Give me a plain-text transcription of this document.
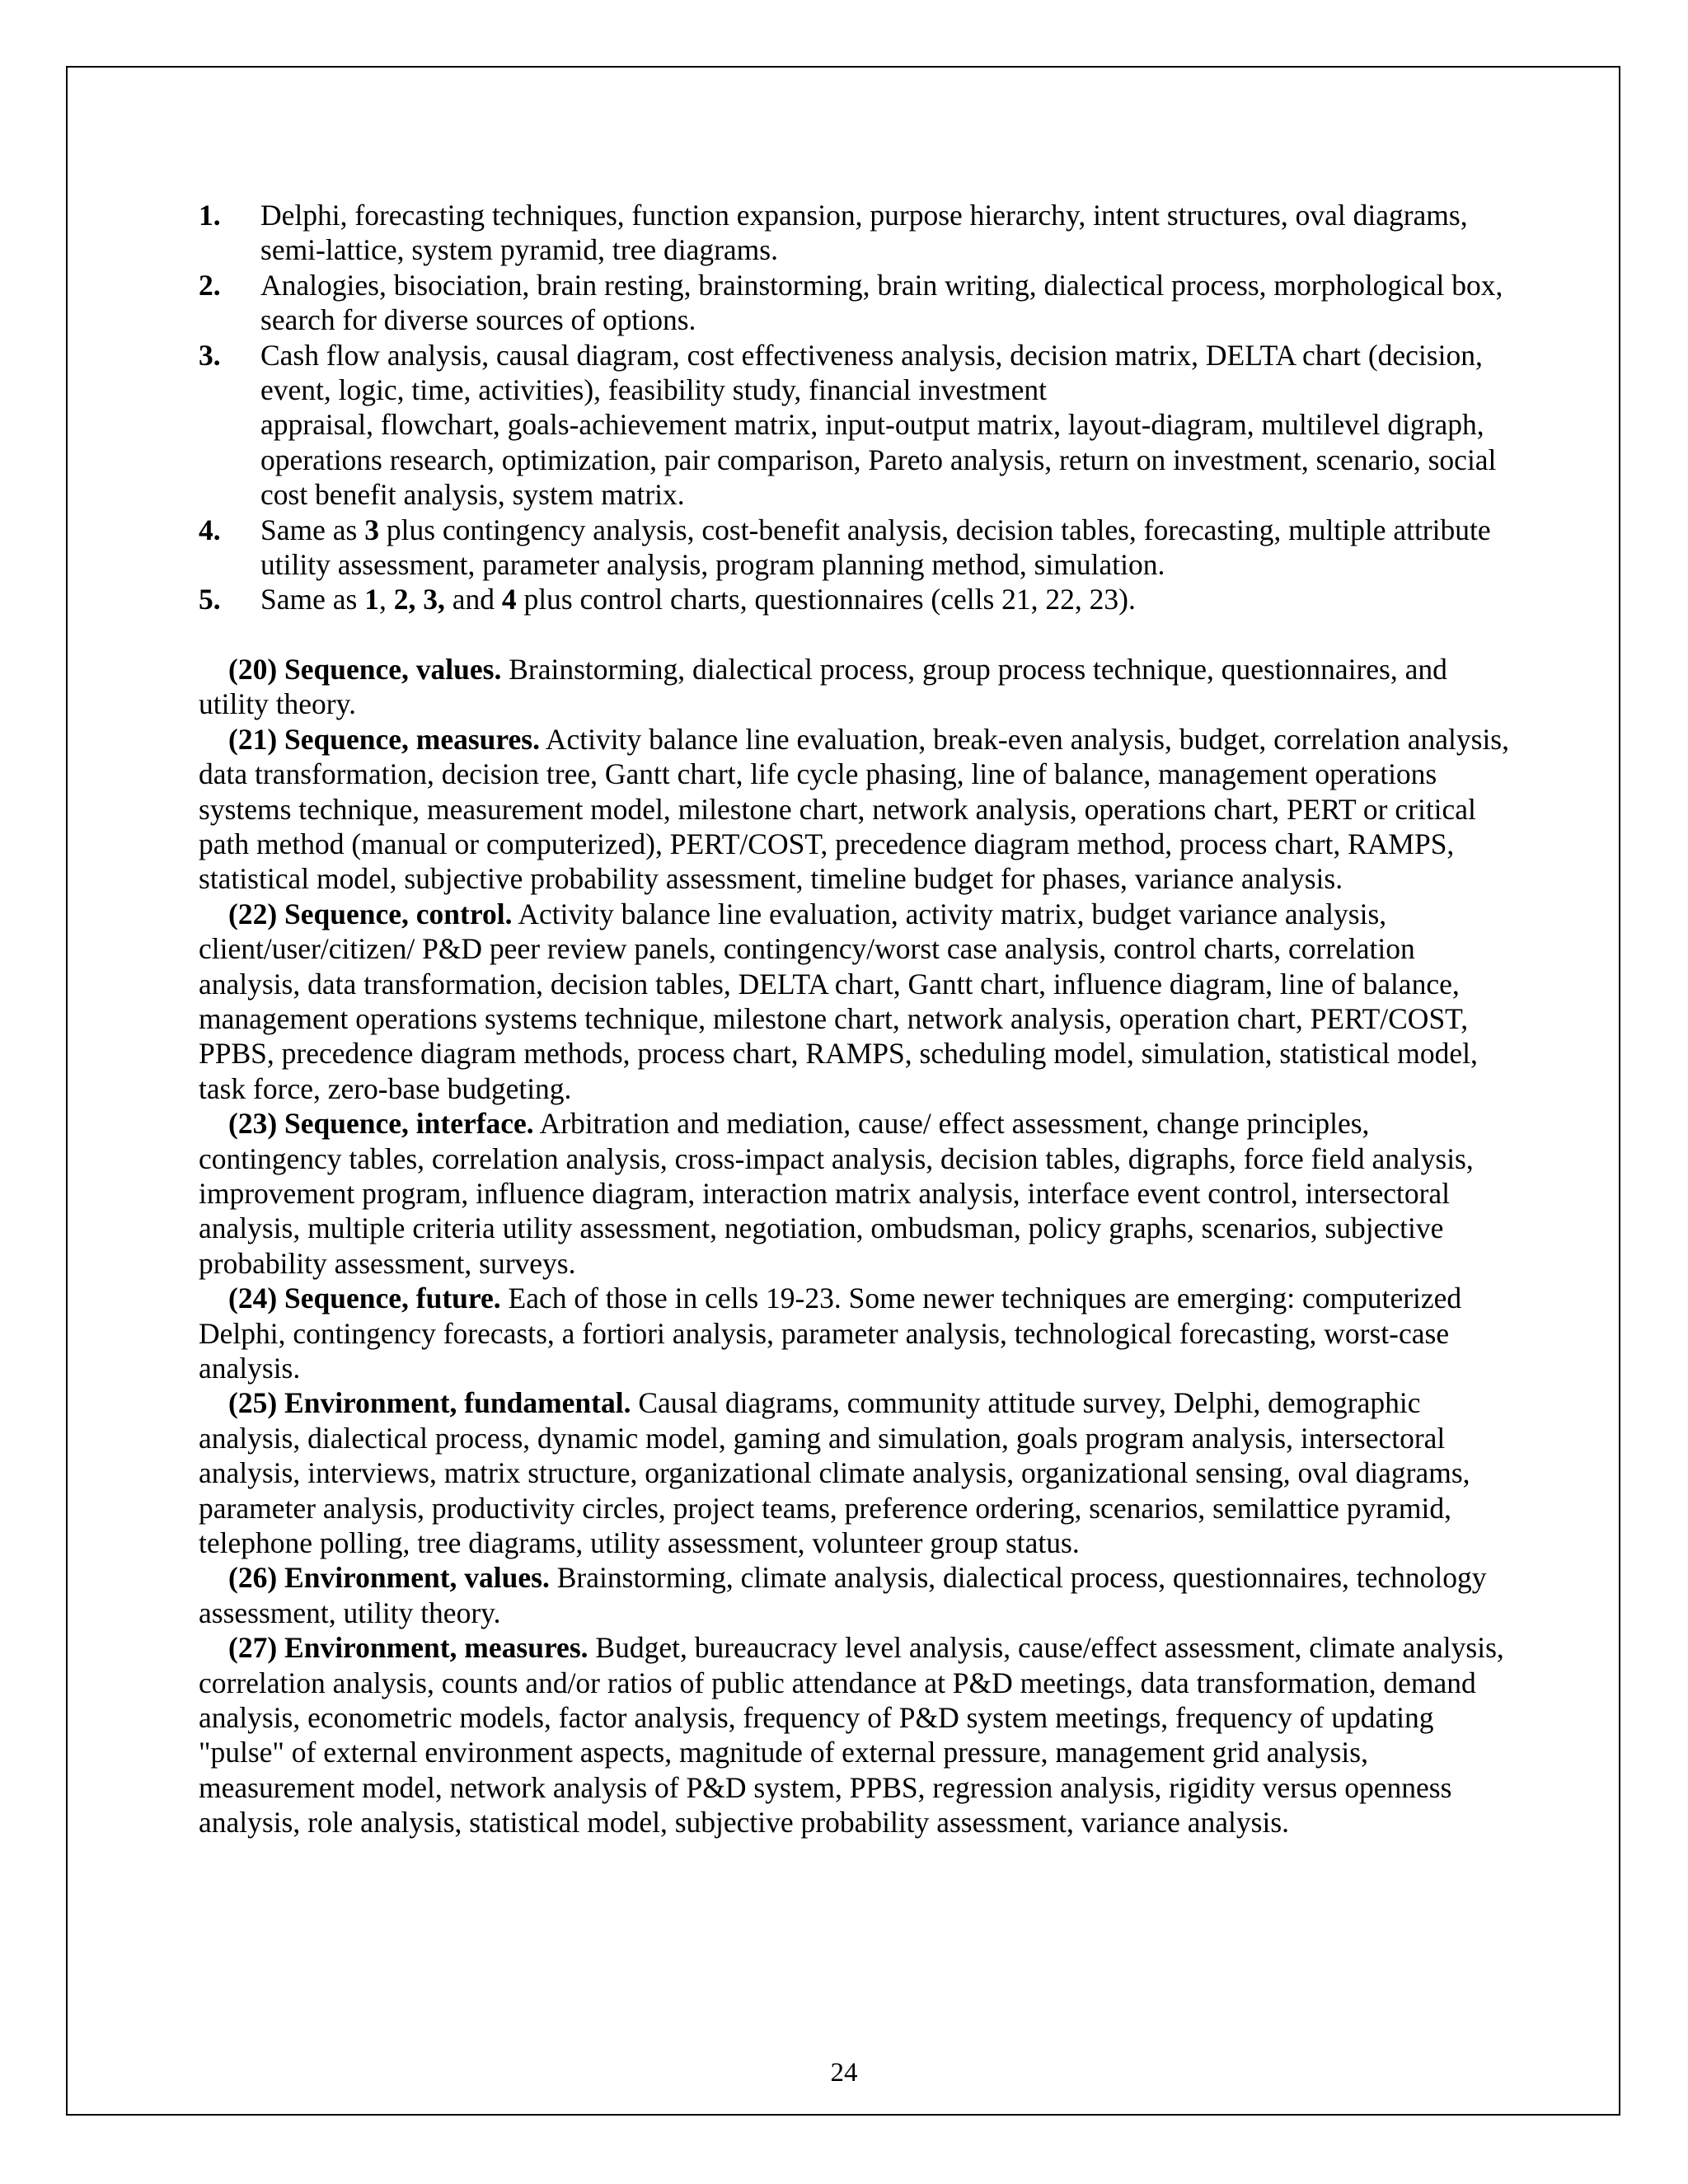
1. Delphi, forecasting techniques, function expansion, purpose hierarchy, intent structures, oval diagrams, semi-lattice, system pyramid, tree diagrams.
2. Analogies, bisociation, brain resting, brainstorming, brain writing, dialectical process, morphological box, search for diverse sources of options.
3. Cash flow analysis, causal diagram, cost effectiveness analysis, decision matrix, DELTA chart (decision, event, logic, time, activities), feasibility study, financial investment
appraisal, flowchart, goals-achievement matrix, input-output matrix, layout-diagram, multilevel digraph, operations research, optimization, pair comparison, Pareto analysis, return on investment, scenario, social cost benefit analysis, system matrix.
4. Same as 3 plus contingency analysis, cost-benefit analysis, decision tables, forecasting, multiple attribute utility assessment, parameter analysis, program planning method, simulation.
5. Same as 1, 2, 3, and 4 plus control charts, questionnaires (cells 21, 22, 23).

(20) Sequence, values. Brainstorming, dialectical process, group process technique, questionnaires, and utility theory.

(21) Sequence, measures. Activity balance line evaluation, break-even analysis, budget, correlation analysis, data transformation, decision tree, Gantt chart, life cycle phasing, line of balance, management operations systems technique, measurement model, milestone chart, network analysis, operations chart, PERT or critical path method (manual or computerized), PERT/COST, precedence diagram method, process chart, RAMPS, statistical model, subjective probability assessment, timeline budget for phases, variance analysis.

(22) Sequence, control. Activity balance line evaluation, activity matrix, budget variance analysis, client/user/citizen/ P&D peer review panels, contingency/worst case analysis, control charts, correlation analysis, data transformation, decision tables, DELTA chart, Gantt chart, influence diagram, line of balance, management operations systems technique, milestone chart, network analysis, operation chart, PERT/COST, PPBS, precedence diagram methods, process chart, RAMPS, scheduling model, simulation, statistical model, task force, zero-base budgeting.

(23) Sequence, interface. Arbitration and mediation, cause/ effect assessment, change principles, contingency tables, correlation analysis, cross-impact analysis, decision tables, digraphs, force field analysis, improvement program, influence diagram, interaction matrix analysis, interface event control, intersectoral analysis, multiple criteria utility assessment, negotiation, ombudsman, policy graphs, scenarios, subjective probability assessment, surveys.

(24) Sequence, future. Each of those in cells 19-23. Some newer techniques are emerging: computerized Delphi, contingency forecasts, a fortiori analysis, parameter analysis, technological forecasting, worst-case analysis.

(25) Environment, fundamental. Causal diagrams, community attitude survey, Delphi, demographic analysis, dialectical process, dynamic model, gaming and simulation, goals program analysis, intersectoral analysis, interviews, matrix structure, organizational climate analysis, organizational sensing, oval diagrams, parameter analysis, productivity circles, project teams, preference ordering, scenarios, semilattice pyramid, telephone polling, tree diagrams, utility assessment, volunteer group status.

(26) Environment, values. Brainstorming, climate analysis, dialectical process, questionnaires, technology assessment, utility theory.

(27) Environment, measures. Budget, bureaucracy level analysis, cause/effect assessment, climate analysis, correlation analysis, counts and/or ratios of public attendance at P&D meetings, data transformation, demand analysis, econometric models, factor analysis, frequency of P&D system meetings, frequency of updating "pulse" of external environment aspects, magnitude of external pressure, management grid analysis, measurement model, network analysis of P&D system, PPBS, regression analysis, rigidity versus openness analysis, role analysis, statistical model, subjective probability assessment, variance analysis.

24
